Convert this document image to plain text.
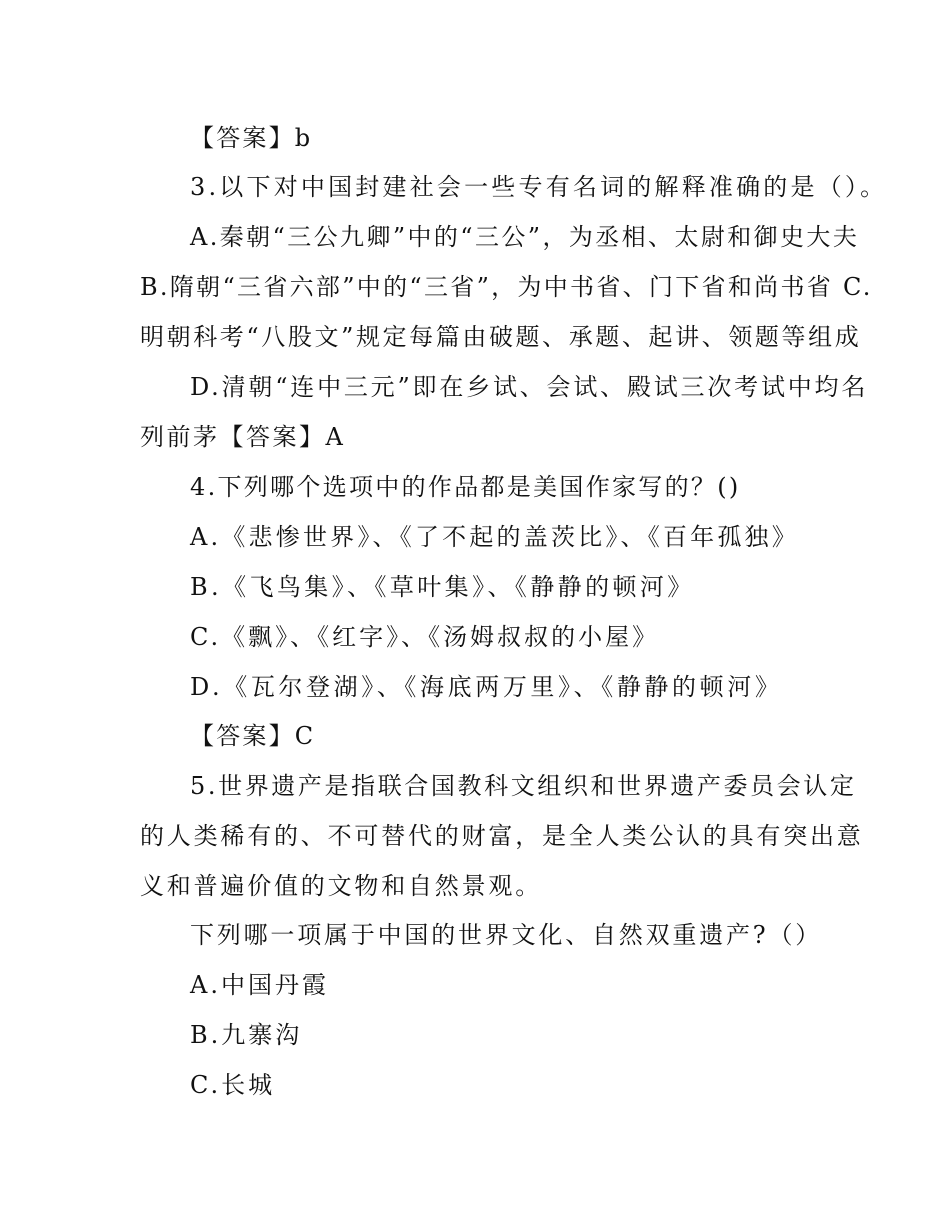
【答案】b
3.以下对中国封建社会一些专有名词的解释准确的是（）。
A.秦朝“三公九卿”中的“三公”，为丞相、太尉和御史大夫
B.隋朝“三省六部”中的“三省”，为中书省、门下省和尚书省 C.
明朝科考“八股文”规定每篇由破题、承题、起讲、领题等组成
D.清朝“连中三元”即在乡试、会试、殿试三次考试中均名
列前茅【答案】A
4.下列哪个选项中的作品都是美国作家写的？()
A.《悲惨世界》、《了不起的盖茨比》、《百年孤独》
B.《飞鸟集》、《草叶集》、《静静的顿河》
C.《飘》、《红字》、《汤姆叔叔的小屋》
D.《瓦尔登湖》、《海底两万里》、《静静的顿河》
【答案】C
5.世界遗产是指联合国教科文组织和世界遗产委员会认定
的人类稀有的、不可替代的财富，是全人类公认的具有突出意
义和普遍价值的文物和自然景观。
下列哪一项属于中国的世界文化、自然双重遗产?（）
A.中国丹霞
B.九寨沟
C.长城
